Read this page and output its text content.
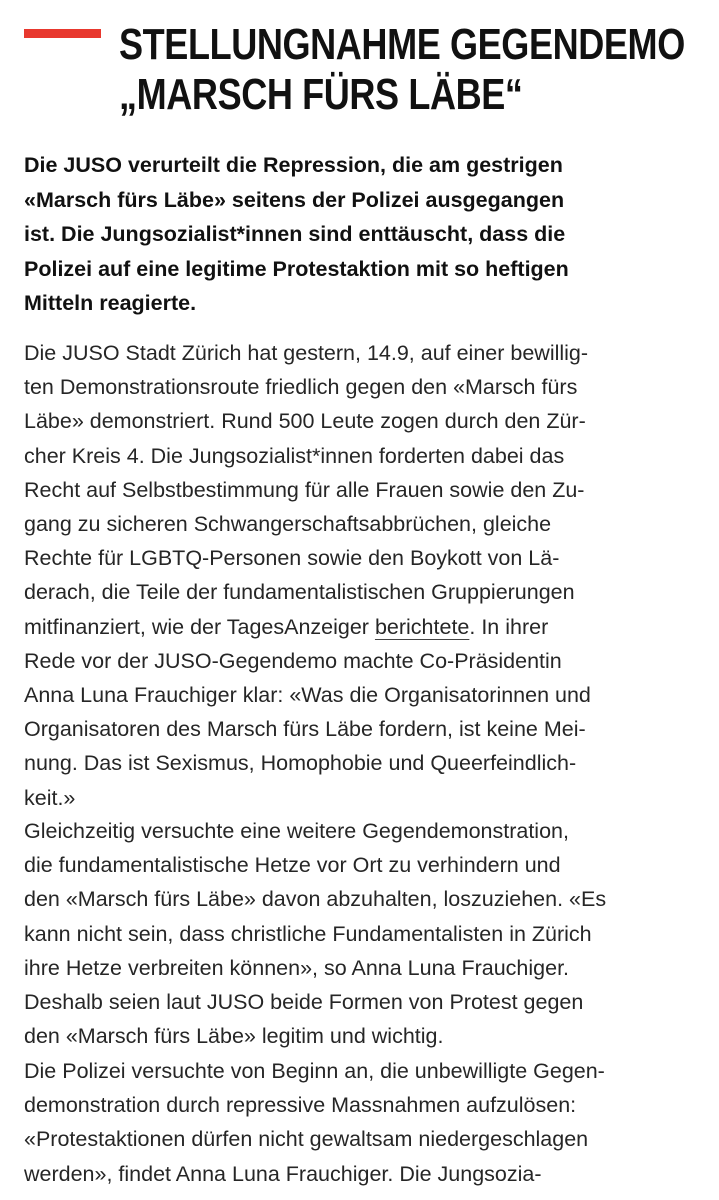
STELLUNGNAHME GEGENDEMO
„MARSCH FÜRS LÄBE“

Die JUSO verurteilt die Repression, die am gestrigen
«Marsch fürs Läbe» seitens der Polizei ausgegangen
ist. Die Jungsozialist*innen sind enttäuscht, dass die
Polizei auf eine legitime Protestaktion mit so heftigen
Mitteln reagierte.

Die JUSO Stadt Zürich hat gestern, 14.9, auf einer bewillig-
ten Demonstrationsroute friedlich gegen den «Marsch fürs
Läbe» demonstriert. Rund 500 Leute zogen durch den Zür-
cher Kreis 4. Die Jungsozialist*innen forderten dabei das
Recht auf Selbstbestimmung für alle Frauen sowie den Zu-
gang zu sicheren Schwangerschaftsabbrüchen, gleiche
Rechte für LGBTQ-Personen sowie den Boykott von Lä-
derach, die Teile der fundamentalistischen Gruppierungen
mitfinanziert, wie der TagesAnzeiger berichtete. In ihrer
Rede vor der JUSO-Gegendemo machte Co-Präsidentin
Anna Luna Frauchiger klar: «Was die Organisatorinnen und
Organisatoren des Marsch fürs Läbe fordern, ist keine Mei-
nung. Das ist Sexismus, Homophobie und Queerfeindlich-
keit.»

Gleichzeitig versuchte eine weitere Gegendemonstration,
die fundamentalistische Hetze vor Ort zu verhindern und
den «Marsch fürs Läbe» davon abzuhalten, loszuziehen. «Es
kann nicht sein, dass christliche Fundamentalisten in Zürich
ihre Hetze verbreiten können», so Anna Luna Frauchiger.
Deshalb seien laut JUSO beide Formen von Protest gegen
den «Marsch fürs Läbe» legitim und wichtig.

Die Polizei versuchte von Beginn an, die unbewilligte Gegen-
demonstration durch repressive Massnahmen aufzulösen:
«Protestaktionen dürfen nicht gewaltsam niedergeschlagen
werden», findet Anna Luna Frauchiger. Die Jungsozia-
